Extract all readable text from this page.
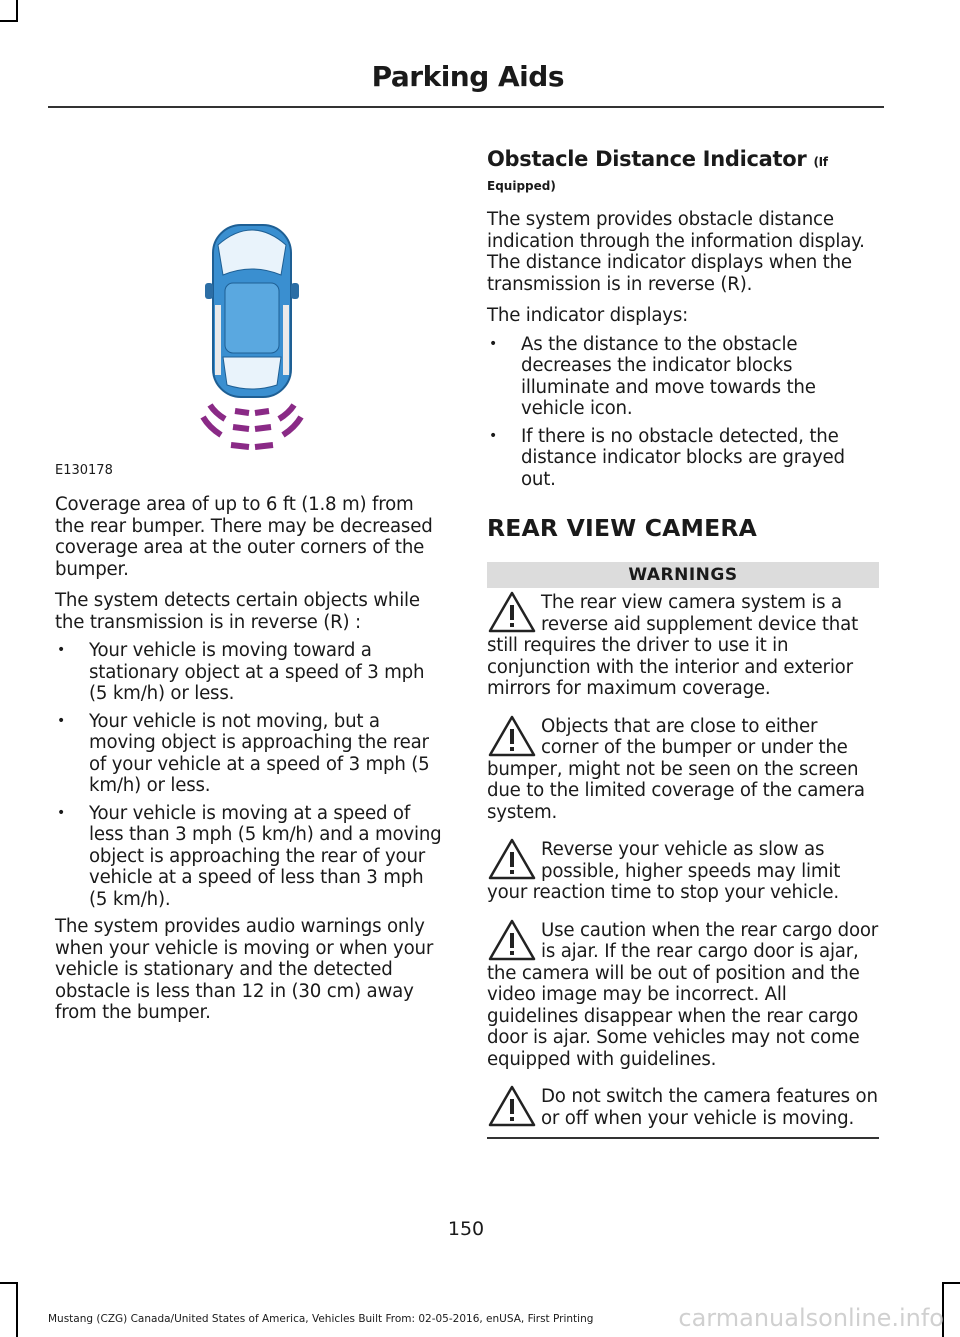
Parking Aids
E130178

Coverage area of up to 6 ft (1.8 m) from the rear bumper. There may be decreased coverage area at the outer corners of the bumper.

The system detects certain objects while the transmission is in reverse (R) :

• Your vehicle is moving toward a stationary object at a speed of 3 mph (5 km/h) or less.
• Your vehicle is not moving, but a moving object is approaching the rear of your vehicle at a speed of 3 mph (5 km/h) or less.
• Your vehicle is moving at a speed of less than 3 mph (5 km/h) and a moving object is approaching the rear of your vehicle at a speed of less than 3 mph (5 km/h).

The system provides audio warnings only when your vehicle is moving or when your vehicle is stationary and the detected obstacle is less than 12 in (30 cm) away from the bumper.

Obstacle Distance Indicator (If
Equipped)

The system provides obstacle distance indication through the information display. The distance indicator displays when the transmission is in reverse (R).

The indicator displays:

• As the distance to the obstacle decreases the indicator blocks illuminate and move towards the vehicle icon.
• If there is no obstacle detected, the distance indicator blocks are grayed out.
REAR VIEW CAMERA
WARNINGS
The rear view camera system is a reverse aid supplement device that still requires the driver to use it in conjunction with the interior and exterior mirrors for maximum coverage.
Objects that are close to either corner of the bumper or under the bumper, might not be seen on the screen due to the limited coverage of the camera system.
Reverse your vehicle as slow as possible, higher speeds may limit your reaction time to stop your vehicle.
Use caution when the rear cargo door is ajar. If the rear cargo door is ajar, the camera will be out of position and the video image may be incorrect. All guidelines disappear when the rear cargo door is ajar. Some vehicles may not come equipped with guidelines.
Do not switch the camera features on or off when your vehicle is moving.
150
Mustang (CZG) Canada/United States of America, Vehicles Built From: 02-05-2016, enUSA, First Printing	carmanualsonline.info
